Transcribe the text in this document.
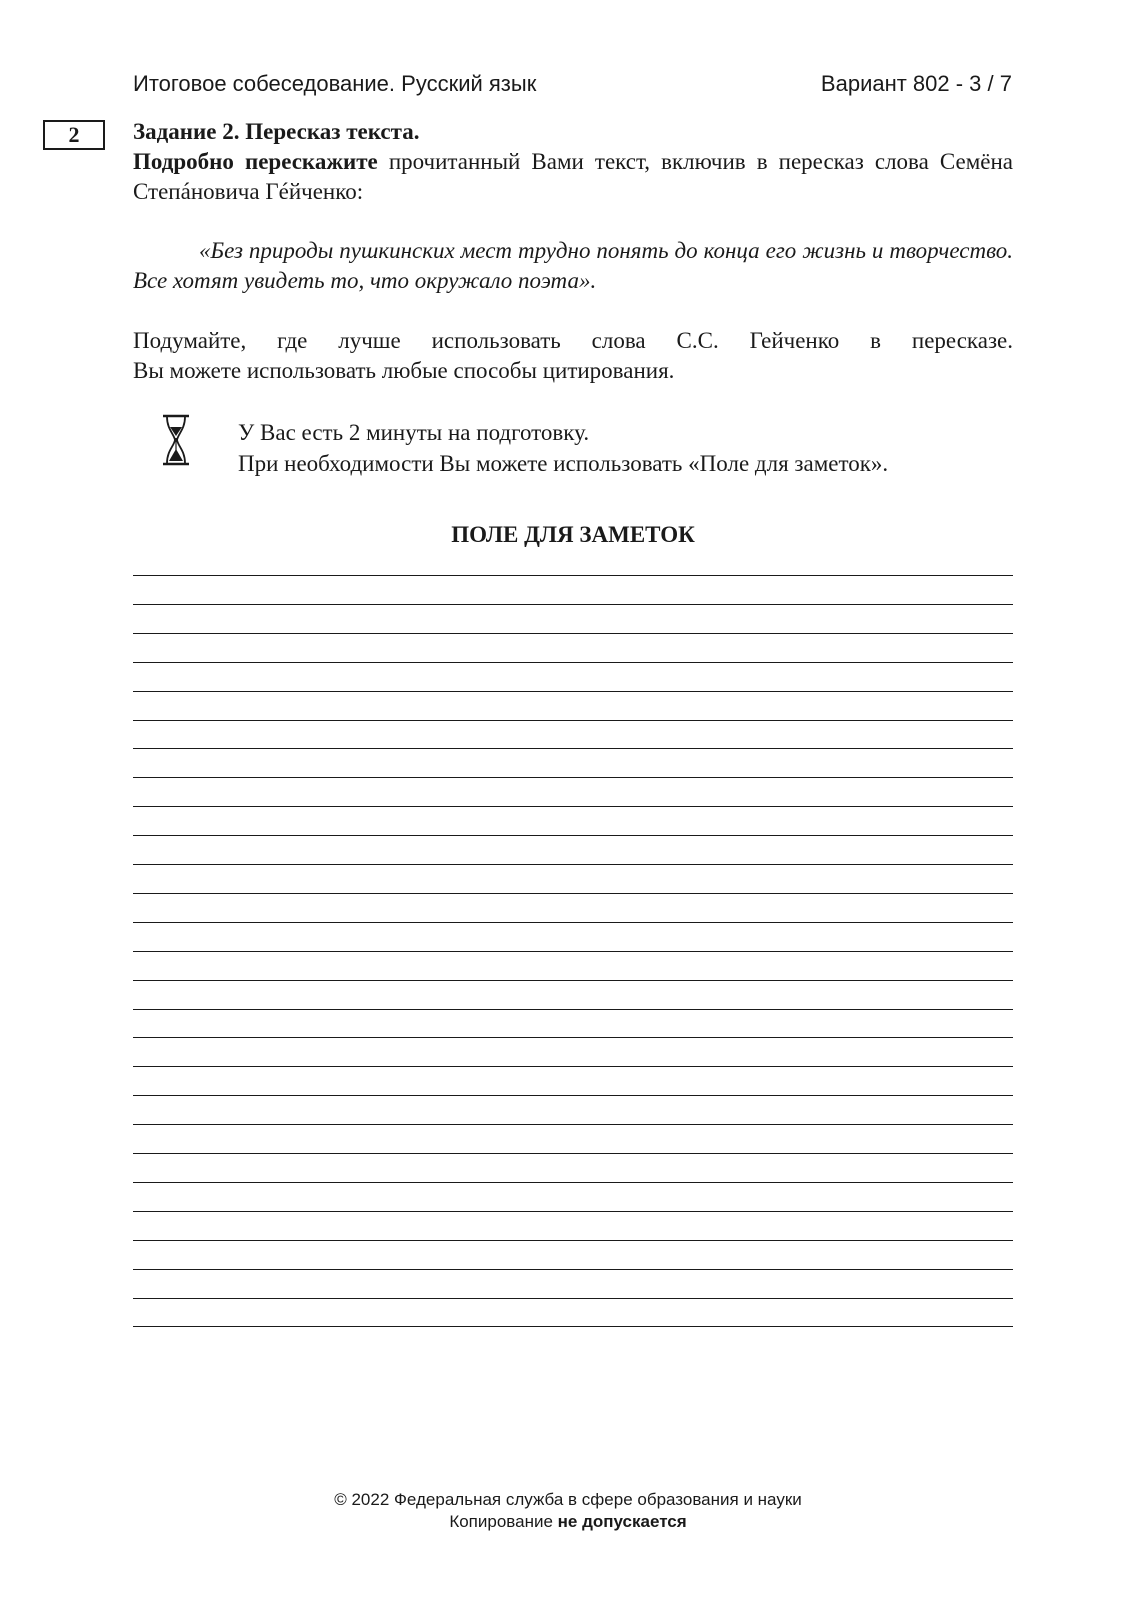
Итоговое собеседование. Русский язык	Вариант 802 - 3 / 7
2	Задание 2. Пересказ текста.
Подробно перескажите прочитанный Вами текст, включив в пересказ слова Семёна Степáновича Гéйченко:
«Без природы пушкинских мест трудно понять до конца его жизнь и творчество. Все хотят увидеть то, что окружало поэта».
Подумайте, где лучше использовать слова С.С. Гейченко в пересказе.
Вы можете использовать любые способы цитирования.
У Вас есть 2 минуты на подготовку.
При необходимости Вы можете использовать «Поле для заметок».
ПОЛЕ ДЛЯ ЗАМЕТОК
© 2022 Федеральная служба в сфере образования и науки
Копирование не допускается
